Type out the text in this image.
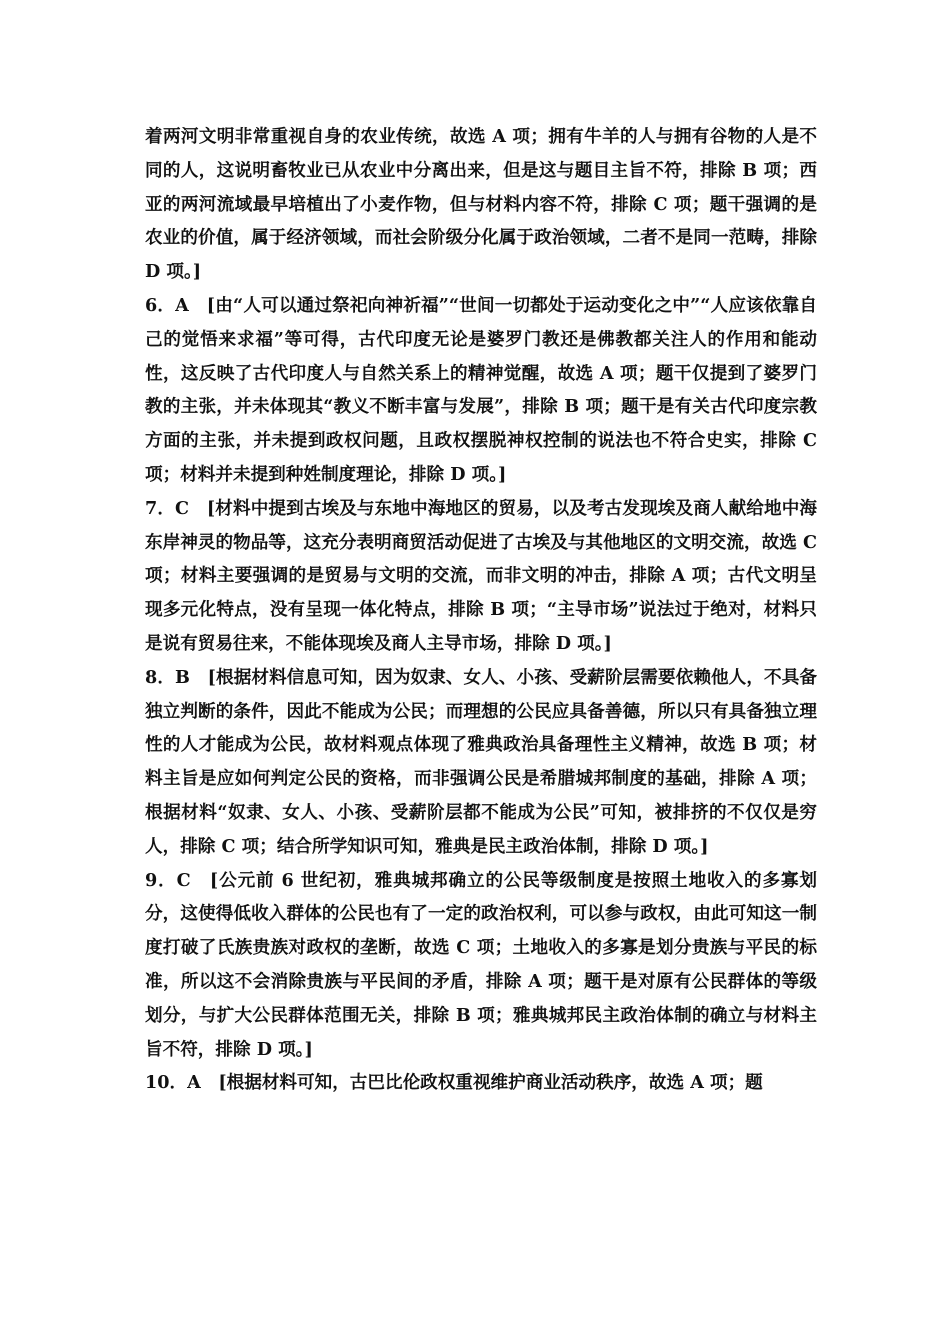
着两河文明非常重视自身的农业传统，故选 A 项；拥有牛羊的人与拥有谷物的人是不同的人，这说明畜牧业已从农业中分离出来，但是这与题目主旨不符，排除 B 项；西亚的两河流域最早培植出了小麦作物，但与材料内容不符，排除 C 项；题干强调的是农业的价值，属于经济领域，而社会阶级分化属于政治领域，二者不是同一范畴，排除 D 项。]

6．A　[由“人可以通过祭祀向神祈福”“世间一切都处于运动变化之中”“人应该依靠自己的觉悟来求福”等可得，古代印度无论是婆罗门教还是佛教都关注人的作用和能动性，这反映了古代印度人与自然关系上的精神觉醒，故选 A 项；题干仅提到了婆罗门教的主张，并未体现其“教义不断丰富与发展”，排除 B 项；题干是有关古代印度宗教方面的主张，并未提到政权问题，且政权摆脱神权控制的说法也不符合史实，排除 C 项；材料并未提到种姓制度理论，排除 D 项。]

7．C　[材料中提到古埃及与东地中海地区的贸易，以及考古发现埃及商人献给地中海东岸神灵的物品等，这充分表明商贸活动促进了古埃及与其他地区的文明交流，故选 C 项；材料主要强调的是贸易与文明的交流，而非文明的冲击，排除 A 项；古代文明呈现多元化特点，没有呈现一体化特点，排除 B 项；“主导市场”说法过于绝对，材料只是说有贸易往来，不能体现埃及商人主导市场，排除 D 项。]

8．B　[根据材料信息可知，因为奴隶、女人、小孩、受薪阶层需要依赖他人，不具备独立判断的条件，因此不能成为公民；而理想的公民应具备善德，所以只有具备独立理性的人才能成为公民，故材料观点体现了雅典政治具备理性主义精神，故选 B 项；材料主旨是应如何判定公民的资格，而非强调公民是希腊城邦制度的基础，排除 A 项；根据材料“奴隶、女人、小孩、受薪阶层都不能成为公民”可知，被排挤的不仅仅是穷人，排除 C 项；结合所学知识可知，雅典是民主政治体制，排除 D 项。]

9．C　[公元前 6 世纪初，雅典城邦确立的公民等级制度是按照土地收入的多寡划分，这使得低收入群体的公民也有了一定的政治权利，可以参与政权，由此可知这一制度打破了氏族贵族对政权的垄断，故选 C 项；土地收入的多寡是划分贵族与平民的标准，所以这不会消除贵族与平民间的矛盾，排除 A 项；题干是对原有公民群体的等级划分，与扩大公民群体范围无关，排除 B 项；雅典城邦民主政治体制的确立与材料主旨不符，排除 D 项。]

10．A　[根据材料可知，古巴比伦政权重视维护商业活动秩序，故选 A 项；题
